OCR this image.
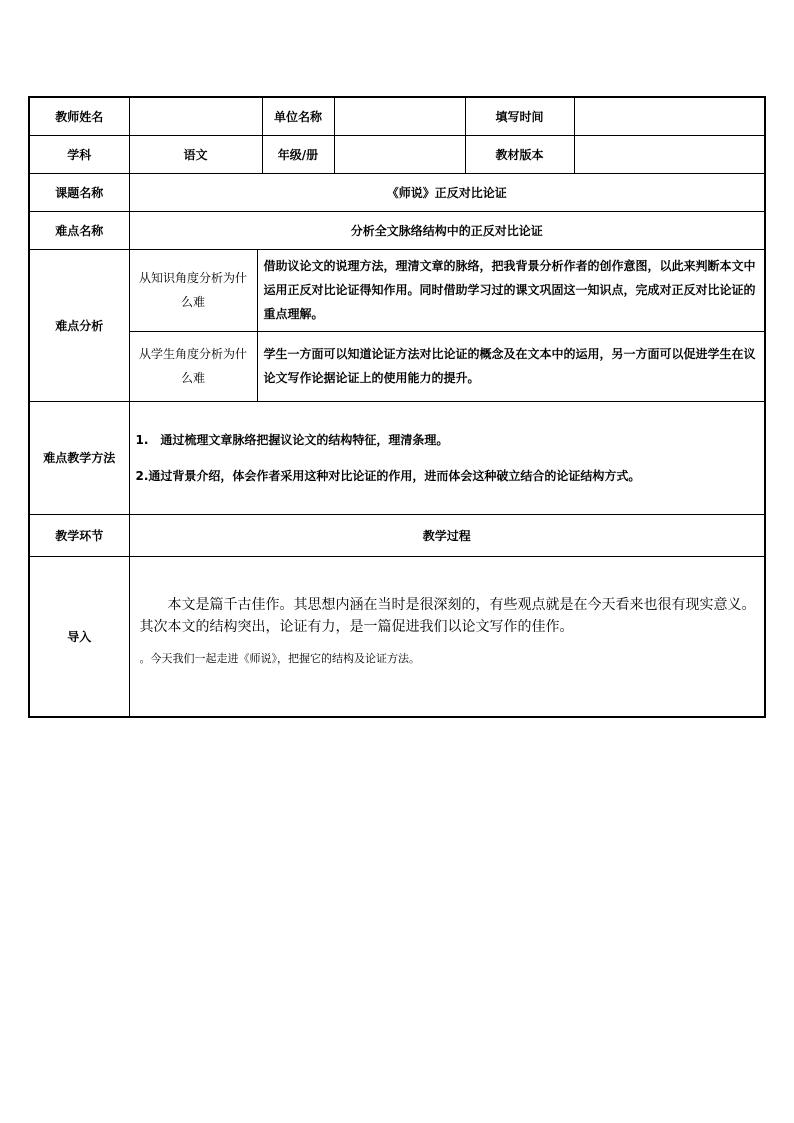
教师姓名			单位名称		填写时间	
学科	语文		年级/册		教材版本	
课题名称	《师说》正反对比论证					
难点名称	分析全文脉络结构中的正反对比论证					
难点分析	从知识角度分析为什么难	借助议论文的说理方法，理清文章的脉络，把我背景分析作者的创作意图，以此来判断本文中运用正反对比论证得知作用。同时借助学习过的课文巩固这一知识点，完成对正反对比论证的重点理解。				
	从学生角度分析为什么难	学生一方面可以知道论证方法对比论证的概念及在文本中的运用，另一方面可以促进学生在议论文写作论据论证上的使用能力的提升。				
难点教学方法	1.　通过梳理文章脉络把握议论文的结构特征，理清条理。

2.通过背景介绍，体会作者采用这种对比论证的作用，进而体会这种破立结合的论证结构方式。					

教学环节	教学过程					
导入	本文是篇千古佳作。其思想内涵在当时是很深刻的，有些观点就是在今天看来也很有现实意义。其次本文的结构突出，论证有力，是一篇促进我们以论文写作的佳作。

。今天我们一起走进《师说》，把握它的结构及论证方法。					
